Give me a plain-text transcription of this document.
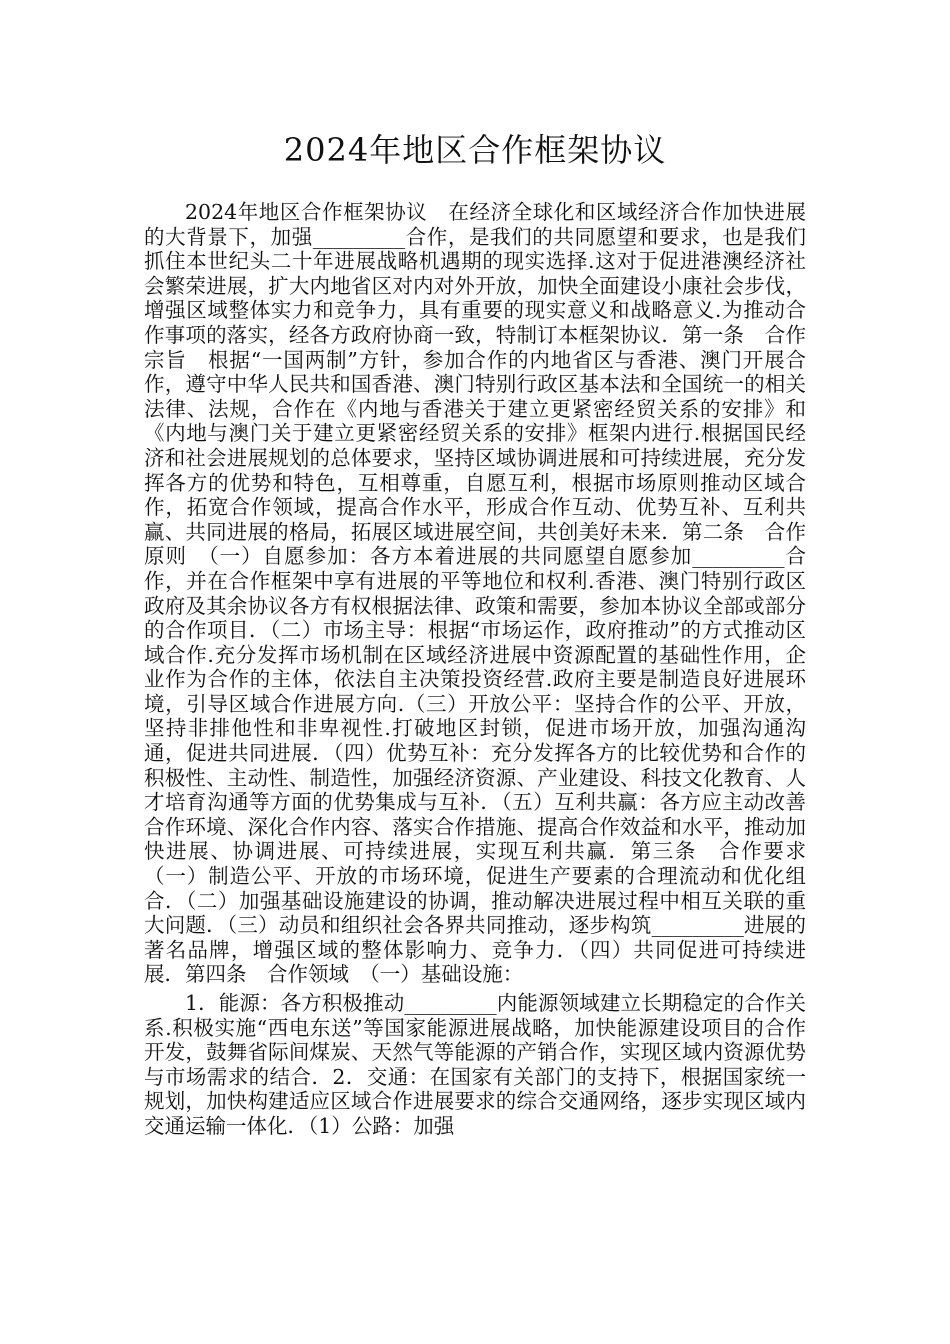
2024年地区合作框架协议

2024年地区合作框架协议　在经济全球化和区域经济合作加快进展的大背景下，加强_________合作，是我们的共同愿望和要求，也是我们抓住本世纪头二十年进展战略机遇期的现实选择.这对于促进港澳经济社会繁荣进展，扩大内地省区对内对外开放，加快全面建设小康社会步伐，增强区域整体实力和竞争力，具有重要的现实意义和战略意义.为推动合作事项的落实，经各方政府协商一致，特制订本框架协议．第一条　合作宗旨　根据“一国两制”方针，参加合作的内地省区与香港、澳门开展合作，遵守中华人民共和国香港、澳门特别行政区基本法和全国统一的相关法律、法规，合作在《内地与香港关于建立更紧密经贸关系的安排》和《内地与澳门关于建立更紧密经贸关系的安排》框架内进行.根据国民经济和社会进展规划的总体要求，坚持区域协调进展和可持续进展，充分发挥各方的优势和特色，互相尊重，自愿互利，根据市场原则推动区域合作，拓宽合作领域，提高合作水平，形成合作互动、优势互补、互利共赢、共同进展的格局，拓展区域进展空间，共创美好未来．第二条　合作原则　（一）自愿参加：各方本着进展的共同愿望自愿参加_________合作，并在合作框架中享有进展的平等地位和权利.香港、澳门特别行政区政府及其余协议各方有权根据法律、政策和需要，参加本协议全部或部分的合作项目．（二）市场主导：根据“市场运作，政府推动”的方式推动区域合作.充分发挥市场机制在区域经济进展中资源配置的基础性作用，企业作为合作的主体，依法自主决策投资经营.政府主要是制造良好进展环境，引导区域合作进展方向.（三）开放公平：坚持合作的公平、开放，坚持非排他性和非卑视性.打破地区封锁，促进市场开放，加强沟通沟通，促进共同进展．（四）优势互补：充分发挥各方的比较优势和合作的积极性、主动性、制造性，加强经济资源、产业建设、科技文化教育、人才培育沟通等方面的优势集成与互补．（五）互利共赢：各方应主动改善合作环境、深化合作内容、落实合作措施、提高合作效益和水平，推动加快进展、协调进展、可持续进展，实现互利共赢．第三条　合作要求　（一）制造公平、开放的市场环境，促进生产要素的合理流动和优化组合．（二）加强基础设施建设的协调，推动解决进展过程中相互关联的重大问题．（三）动员和组织社会各界共同推动，逐步构筑_________进展的著名品牌，增强区域的整体影响力、竞争力．（四）共同促进可持续进展．第四条　合作领域　（一）基础设施：

1．能源：各方积极推动_________内能源领域建立长期稳定的合作关系.积极实施“西电东送”等国家能源进展战略，加快能源建设项目的合作开发，鼓舞省际间煤炭、天然气等能源的产销合作，实现区域内资源优势与市场需求的结合．2．交通：在国家有关部门的支持下，根据国家统一规划，加快构建适应区域合作进展要求的综合交通网络，逐步实现区域内交通运输一体化．（1）公路：加强
